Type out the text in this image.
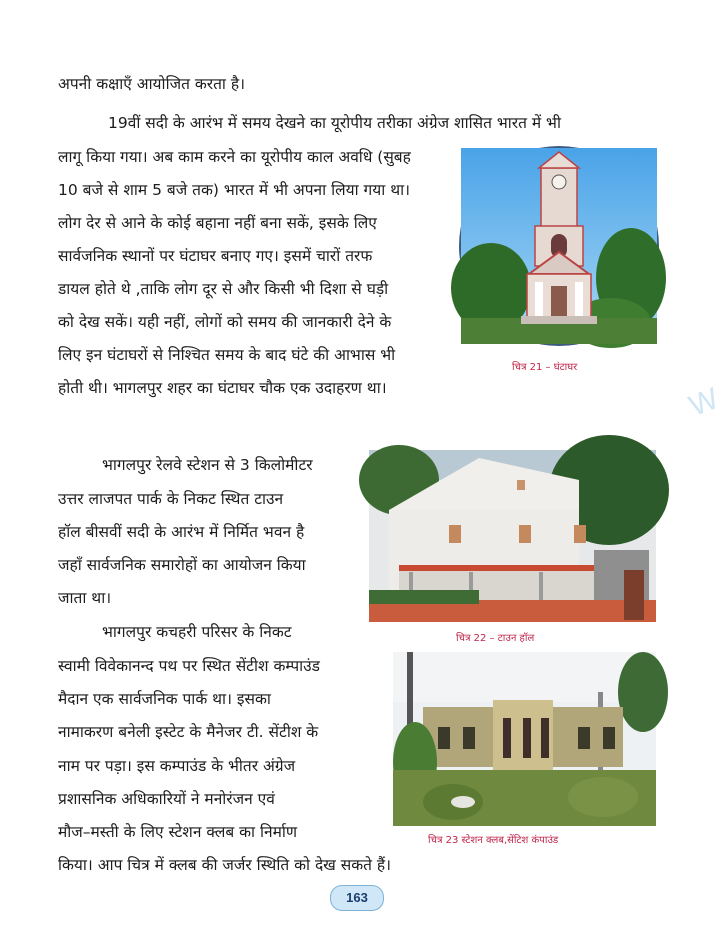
अपनी कक्षाएँ आयोजित करता है।
19वीं सदी के आरंभ में समय देखने का यूरोपीय तरीका अंग्रेज शासित भारत में भी
लागू किया गया। अब काम करने का यूरोपीय काल अवधि (सुबह
10 बजे से शाम 5 बजे तक) भारत में भी अपना लिया गया था।
लोग देर से आने के कोई बहाना नहीं बना सकें, इसके लिए
सार्वजनिक स्थानों पर घंटाघर बनाए गए। इसमें चारों तरफ
डायल होते थे ,ताकि लोग दूर से और किसी भी दिशा से घड़ी
को देख सकें। यही नहीं, लोगों को समय की जानकारी देने के
लिए इन घंटाघरों से निश्चित समय के बाद घंटे की आभास भी
होती थी। भागलपुर शहर का घंटाघर चौक एक उदाहरण था।
चित्र 21 – घंटाघर
W
भागलपुर रेलवे स्टेशन से 3 किलोमीटर
उत्तर लाजपत पार्क के निकट स्थित टाउन
हॉल बीसवीं सदी के आरंभ में निर्मित भवन है
जहाँ सार्वजनिक समारोहों का आयोजन किया
जाता था।
चित्र 22 – टाउन हॉल
भागलपुर कचहरी परिसर के निकट
स्वामी विवेकानन्द पथ पर स्थित सेंटीश कम्पाउंड
मैदान एक सार्वजनिक पार्क था। इसका
नामाकरण बनेली इस्टेट के मैनेजर टी. सेंटीश के
नाम पर पड़ा। इस कम्पाउंड के भीतर अंग्रेज
प्रशासनिक अधिकारियों ने मनोरंजन एवं
मौज–मस्ती के लिए स्टेशन क्लब का निर्माण
किया। आप चित्र में क्लब की जर्जर स्थिति को देख सकते हैं।
चित्र 23 स्टेशन क्लब,सेंटिश कंपाउंड
163
